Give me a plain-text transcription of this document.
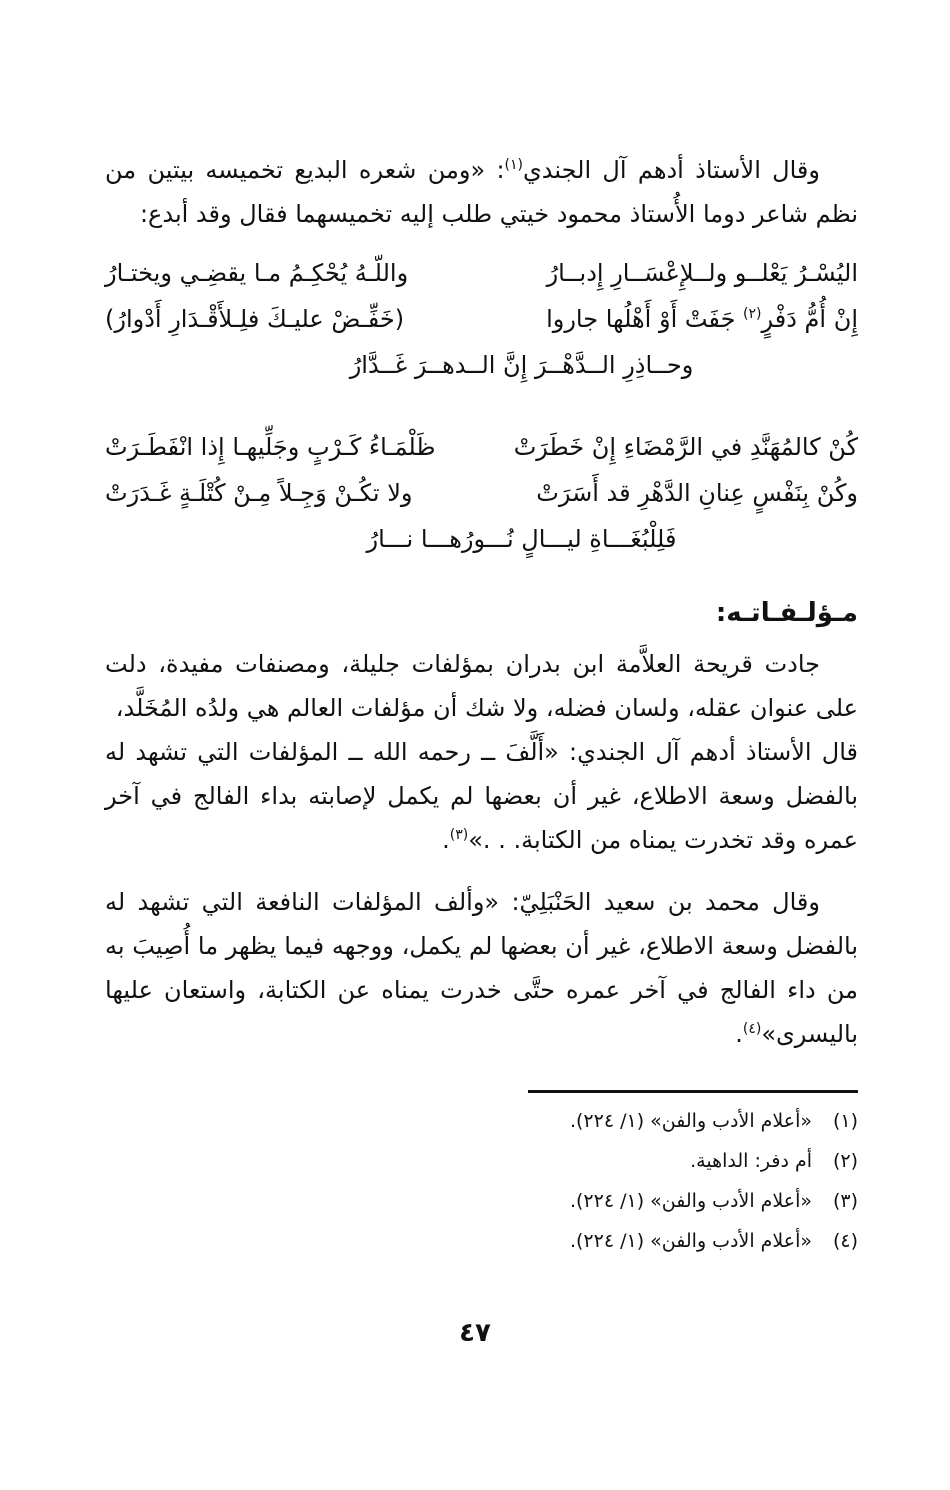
وقال الأستاذ أدهم آل الجندي$^{(١)}$: «ومن شعره البديع تخميسه بيتين من نظم شاعر دوما الأُستاذ محمود خيتي طلب إليه تخميسهما فقال وقد أبدع:

اليُسْـرُ يَعْلــو ولــلإِعْسَــارِ إِدبــارُ
واللّـهُ يُحْكِـمُ مـا يقضِـي ويختـارُ
إِنْ أُمُّ دَفْرٍ$^{(٢)}$ جَفَتْ أَوْ أَهْلُها جاروا
(خَفِّـضْ عليـكَ فلِـلأَقْـدَارِ أَدْوارُ)

وحــاذِرِ الــدَّهْــرَ إِنَّ الــدهــرَ غَــدَّارُ

كُنْ كالمُهَنَّدِ في الرَّمْضَاءِ إِنْ خَطَرَتْ
ظَلْمَـاءُ كَـرْبٍ وجَلِّيهـا إِذا انْفَطَـرَتْ
وكُنْ بِنَفْسٍ عِنانِ الدَّهْرِ قد أَسَرَتْ
ولا تكُـنْ وَجِـلاً مِـنْ كُتْلَـةٍ غَـدَرَتْ

فَلِلْبُغَـــاةِ ليـــالٍ نُـــورُهـــا نـــارُ

مـؤلـفـاتـه:

جادت قريحة العلاَّمة ابن بدران بمؤلفات جليلة، ومصنفات مفيدة، دلت على عنوان عقله، ولسان فضله، ولا شك أن مؤلفات العالم هي ولدُه المُخَلَّد،

قال الأستاذ أدهم آل الجندي: «أَلَّفَ ــ رحمه الله ــ المؤلفات التي تشهد له بالفضل وسعة الاطلاع، غير أن بعضها لم يكمل لإصابته بداء الفالج في آخر عمره وقد تخدرت يمناه من الكتابة. . .»$^{(٣)}$.

وقال محمد بن سعيد الحَنْبَلِيّ: «وألف المؤلفات النافعة التي تشهد له بالفضل وسعة الاطلاع، غير أن بعضها لم يكمل، ووجهه فيما يظهر ما أُصِيبَ به من داء الفالج في آخر عمره حتَّى خدرت يمناه عن الكتابة، واستعان عليها باليسرى»$^{(٤)}$.

(١)
«أعلام الأدب والفن» (١/ ٢٢٤).

(٢)
أم دفر: الداهية.

(٣)
«أعلام الأدب والفن» (١/ ٢٢٤).

(٤)
«أعلام الأدب والفن» (١/ ٢٢٤).

٤٧
